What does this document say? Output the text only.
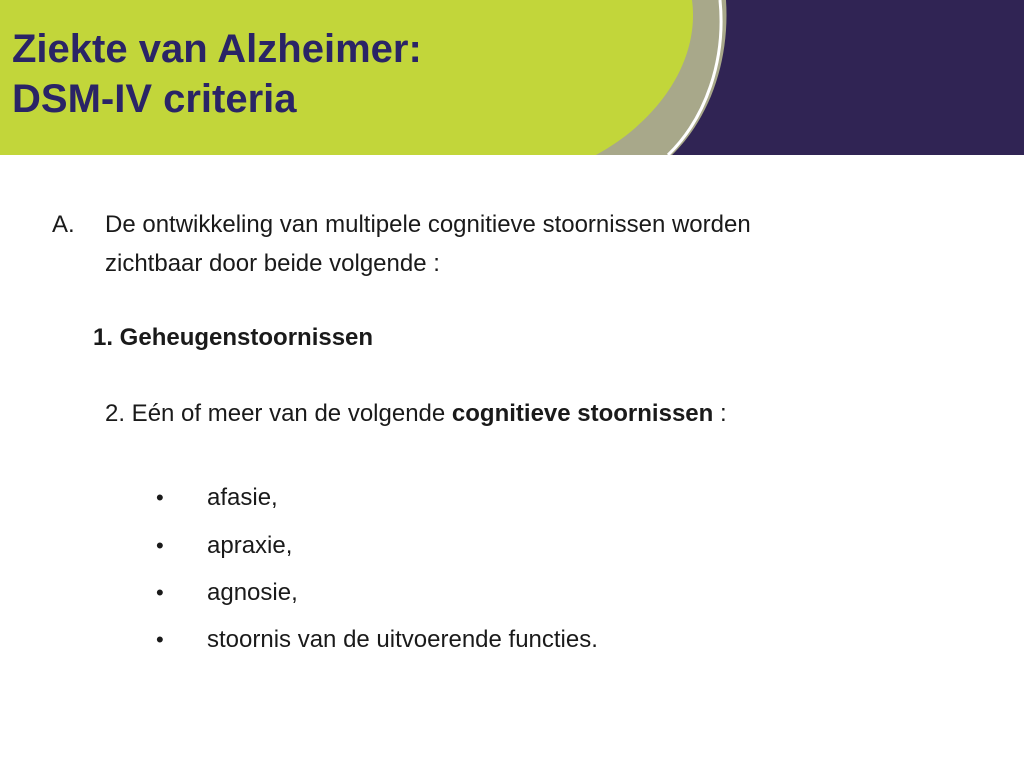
Ziekte van Alzheimer:
DSM-IV criteria
A. De ontwikkeling van multipele cognitieve stoornissen worden
zichtbaar door beide volgende :
1. Geheugenstoornissen
2. Eén of meer van de volgende cognitieve stoornissen :
• afasie,
• apraxie,
• agnosie,
• stoornis van de uitvoerende functies.
